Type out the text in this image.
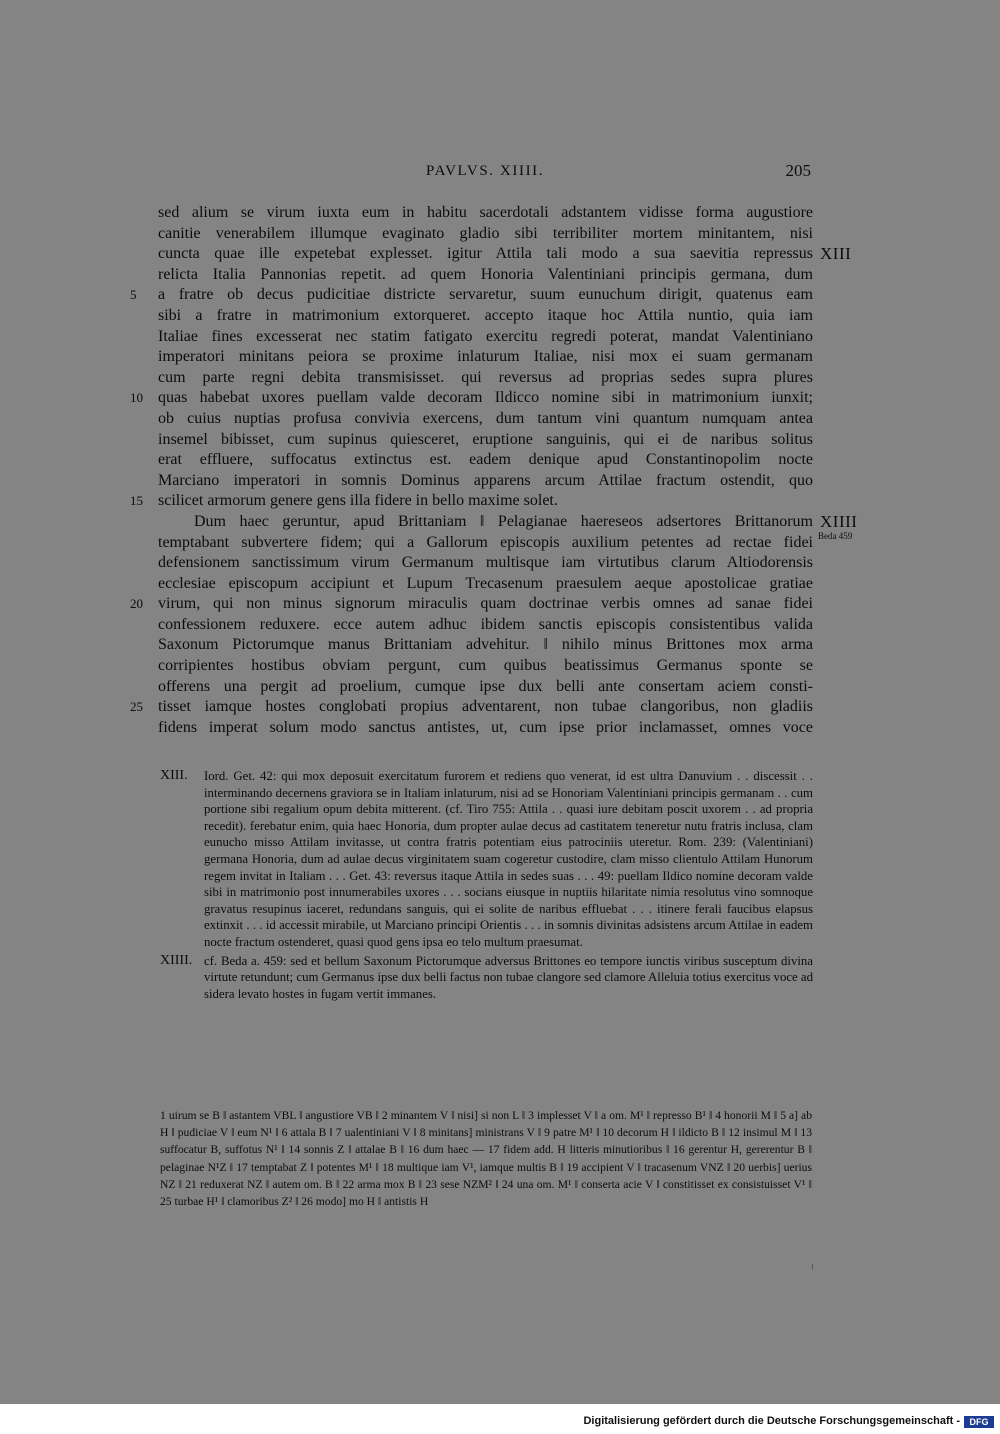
PAVLVS. XIIII.	205
sed alium se virum iuxta eum in habitu sacerdotali adstantem vidisse forma augustiore
canitie venerabilem illumque evaginato gladio sibi terribiliter mortem minitantem, nisi
cuncta quae ille expetebat explesset. igitur Attila tali modo a sua saevitia repressus XIII
relicta Italia Pannonias repetit. ad quem Honoria Valentiniani principis germana, dum
5	a fratre ob decus pudicitiae districte servaretur, suum eunuchum dirigit, quatenus eam
sibi a fratre in matrimonium extorqueret. accepto itaque hoc Attila nuntio, quia iam
Italiae fines excesserat nec statim fatigato exercitu regredi poterat, mandat Valentiniano
imperatori minitans peiora se proxime inlaturum Italiae, nisi mox ei suam germanam
cum parte regni debita transmisisset. qui reversus ad proprias sedes supra plures
10 quas habebat uxores puellam valde decoram Ildicco nomine sibi in matrimonium iunxit;
ob cuius nuptias profusa convivia exercens, dum tantum vini quantum numquam antea
insemel bibisset, cum supinus quiesceret, eruptione sanguinis, qui ei de naribus solitus
erat effluere, suffocatus extinctus est. eadem denique apud Constantinopolim nocte
Marciano imperatori in somnis Dominus apparens arcum Attilae fractum ostendit, quo
15 scilicet armorum genere gens illa fidere in bello maxime solet.
Dum haec geruntur, apud Brittaniam ‖ Pelagianae haereseos adsertores Brittanorum XIIII
Beda 459
temptabant subvertere fidem; qui a Gallorum episcopis auxilium petentes ad rectae fidei
defensionem sanctissimum virum Germanum multisque iam virtutibus clarum Altiodorensis
ecclesiae episcopum accipiunt et Lupum Trecasenum praesulem aeque apostolicae gratiae
20 virum, qui non minus signorum miraculis quam doctrinae verbis omnes ad sanae fidei
confessionem reduxere. ecce autem adhuc ibidem sanctis episcopis consistentibus valida
Saxonum Pictorumque manus Brittaniam advehitur. ‖ nihilo minus Brittones mox arma
corripientes hostibus obviam pergunt, cum quibus beatissimus Germanus sponte se
offerens una pergit ad proelium, cumque ipse dux belli ante consertam aciem consti-
25 tisset iamque hostes conglobati propius adventarent, non tubae clangoribus, non gladiis
fidens imperat solum modo sanctus antistes, ut, cum ipse prior inclamasset, omnes voce
XIII. Iord. Get. 42: qui mox deposuit exercitatum furorem et rediens quo venerat, id est ultra Danuvium . . discessit . . interminando decernens graviora se in Italiam inlaturum, nisi ad se Honoriam Valentiniani principis germanam . . cum portione sibi regalium opum debita mitterent. (cf. Tiro 755: Attila . . quasi iure debitam poscit uxorem . . ad propria recedit). ferebatur enim, quia haec Honoria, dum propter aulae decus ad castitatem teneretur nutu fratris inclusa, clam eunucho misso Attilam invitasse, ut contra fratris potentiam eius patrociniis uteretur. Rom. 239: (Valentiniani) germana Honoria, dum ad aulae decus virginitatem suam cogeretur custodire, clam misso clientulo Attilam Hunorum regem invitat in Italiam . . . Get. 43: reversus itaque Attila in sedes suas . . . 49: puellam Ildico nomine decoram valde sibi in matrimonio post innumerabiles uxores . . . socians eiusque in nuptiis hilaritate nimia resolutus vino somnoque gravatus resupinus iaceret, redundans sanguis, qui ei solite de naribus effluebat . . . itinere ferali faucibus elapsus extinxit . . . id accessit mirabile, ut Marciano principi Orientis . . . in somnis divinitas adsistens arcum Attilae in eadem nocte fractum ostenderet, quasi quod gens ipsa eo telo multum praesumat.
XIIII. cf. Beda a. 459: sed et bellum Saxonum Pictorumque adversus Brittones eo tempore iunctis viribus susceptum divina virtute retundunt; cum Germanus ipse dux belli factus non tubae clangore sed clamore Alleluia totius exercitus voce ad sidera levato hostes in fugam vertit immanes.
1 uirum se B ‖ astantem VBL ‖ angustiore VB ‖ 2 minantem V ‖ nisi] si non L ‖ 3 implesset V ‖ a om. M¹ ‖ represso B¹ ‖ 4 honorii M ‖ 5 a] ab H ‖ pudiciae V ‖ eum N¹ ‖ 6 attala B ‖ 7 ualentiniani V ‖ 8 minitans] ministrans V ‖ 9 patre M¹ ‖ 10 decorum H ‖ ildicto B ‖ 12 insimul M ‖ 13 suffocatur B, suffotus N¹ ‖ 14 sonnis Z ‖ attalae B ‖ 16 dum haec — 17 fidem add. H litteris minutioribus ‖ 16 gerentur H, gererentur B ‖ pelaginae N¹Z ‖ 17 temptabat Z ‖ potentes M¹ ‖ 18 multique iam V¹, iamque multis B ‖ 19 accipient V ‖ tracasenum VNZ ‖ 20 uerbis] uerius NZ ‖ 21 reduxerat NZ ‖ autem om. B ‖ 22 arma mox B ‖ 23 sese NZM² ‖ 24 una om. M¹ ‖ conserta acie V ‖ constitisset ex consistuisset V¹ ‖ 25 turbae H¹ ‖ clamoribus Z² ‖ 26 modo] mo H ‖ antistis H
Digitalisierung gefördert durch die Deutsche Forschungsgemeinschaft -	DFG
